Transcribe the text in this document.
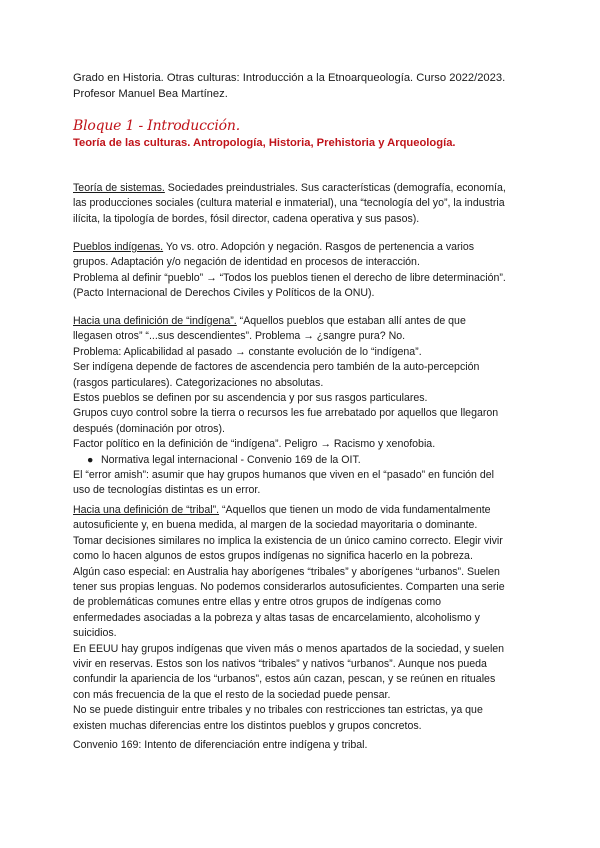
Grado en Historia. Otras culturas: Introducción a la Etnoarqueología. Curso 2022/2023.
Profesor Manuel Bea Martínez.
Bloque 1 - Introducción.
Teoría de las culturas. Antropología, Historia, Prehistoria y Arqueología.
Teoría de sistemas. Sociedades preindustriales. Sus características (demografía, economía,
las producciones sociales (cultura material e inmaterial), una “tecnología del yo”, la industria
ilícita, la tipología de bordes, fósil director, cadena operativa y sus pasos).
Pueblos indígenas. Yo vs. otro. Adopción y negación. Rasgos de pertenencia a varios
grupos. Adaptación y/o negación de identidad en procesos de interacción.
Problema al definir “pueblo” → “Todos los pueblos tienen el derecho de libre determinación”.
(Pacto Internacional de Derechos Civiles y Políticos de la ONU).
Hacia una definición de “indígena”. “Aquellos pueblos que estaban allí antes de que
llegasen otros” “...sus descendientes”. Problema → ¿sangre pura? No.
Problema: Aplicabilidad al pasado → constante evolución de lo “indígena”.
Ser indígena depende de factores de ascendencia pero también de la auto-percepción
(rasgos particulares). Categorizaciones no absolutas.
Estos pueblos se definen por su ascendencia y por sus rasgos particulares.
Grupos cuyo control sobre la tierra o recursos les fue arrebatado por aquellos que llegaron
después (dominación por otros).
Factor político en la definición de “indígena”. Peligro → Racismo y xenofobia.
● Normativa legal internacional - Convenio 169 de la OIT.
El “error amish”: asumir que hay grupos humanos que viven en el “pasado” en función del
uso de tecnologías distintas es un error.
Hacia una definición de “tribal”. “Aquellos que tienen un modo de vida fundamentalmente
autosuficiente y, en buena medida, al margen de la sociedad mayoritaria o dominante.
Tomar decisiones similares no implica la existencia de un único camino correcto. Elegir vivir
como lo hacen algunos de estos grupos indígenas no significa hacerlo en la pobreza.
Algún caso especial: en Australia hay aborígenes “tribales” y aborígenes “urbanos”. Suelen
tener sus propias lenguas. No podemos considerarlos autosuficientes. Comparten una serie
de problemáticas comunes entre ellas y entre otros grupos de indígenas como
enfermedades asociadas a la pobreza y altas tasas de encarcelamiento, alcoholismo y
suicidios.
En EEUU hay grupos indígenas que viven más o menos apartados de la sociedad, y suelen
vivir en reservas. Estos son los nativos “tribales” y nativos “urbanos”. Aunque nos pueda
confundir la apariencia de los “urbanos”, estos aún cazan, pescan, y se reúnen en rituales
con más frecuencia de la que el resto de la sociedad puede pensar.
No se puede distinguir entre tribales y no tribales con restricciones tan estrictas, ya que
existen muchas diferencias entre los distintos pueblos y grupos concretos.
Convenio 169: Intento de diferenciación entre indígena y tribal.
